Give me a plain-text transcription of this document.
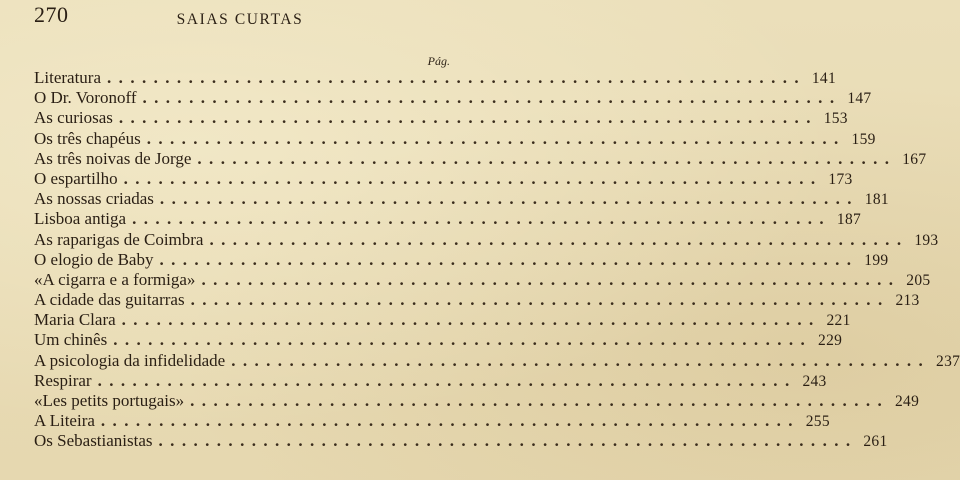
270	SAIAS CURTAS
Pág.
Literatura ............................................................ 141
O Dr. Voronoff ............................................................ 147
As curiosas ............................................................ 153
Os três chapéus ............................................................ 159
As três noivas de Jorge ............................................................ 167
O espartilho ............................................................ 173
As nossas criadas ............................................................ 181
Lisboa antiga ............................................................ 187
As raparigas de Coimbra ............................................................ 193
O elogio de Baby ............................................................ 199
«A cigarra e a formiga» ............................................................ 205
A cidade das guitarras ............................................................ 213
Maria Clara ............................................................ 221
Um chinês ............................................................ 229
A psicologia da infidelidade ............................................................ 237
Respirar ............................................................ 243
«Les petits portugais» ............................................................ 249
A Liteira ............................................................ 255
Os Sebastianistas ............................................................ 261
